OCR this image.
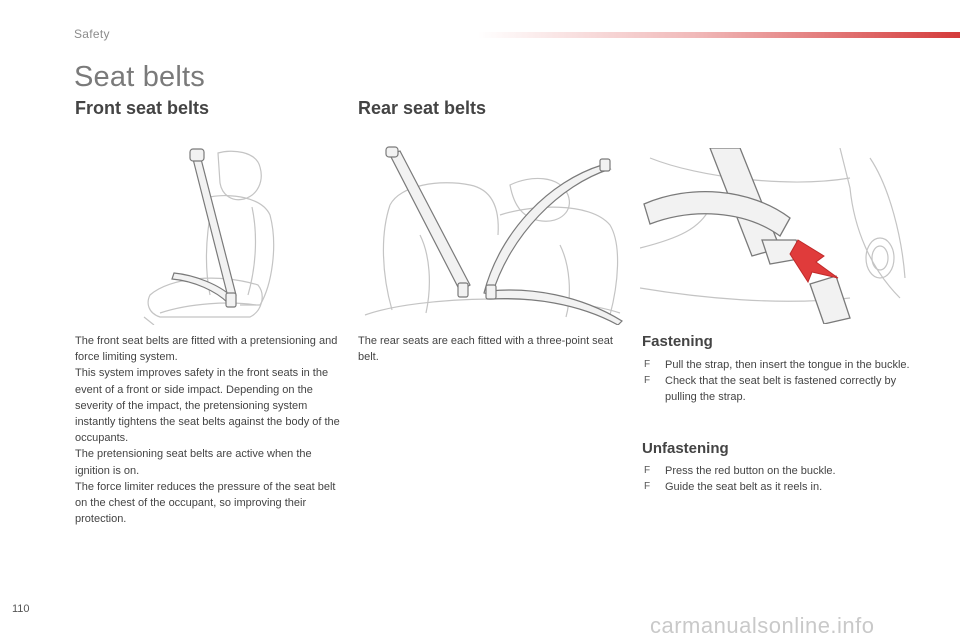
Safety
Seat belts
Front seat belts	Rear seat belts

The front seat belts are fitted with a pretensioning and force limiting system.

This system improves safety in the front seats in the event of a front or side impact. Depending on the severity of the impact, the pretensioning system instantly tightens the seat belts against the body of the occupants.

The pretensioning seat belts are active when the ignition is on.

The force limiter reduces the pressure of the seat belt on the chest of the occupant, so improving their protection.

The rear seats are each fitted with a three-point seat belt.
Fastening
F Pull the strap, then insert the tongue in the buckle.
F Check that the seat belt is fastened correctly by pulling the strap.
Unfastening
F Press the red button on the buckle.
F Guide the seat belt as it reels in.
110
carmanualsonline.info
